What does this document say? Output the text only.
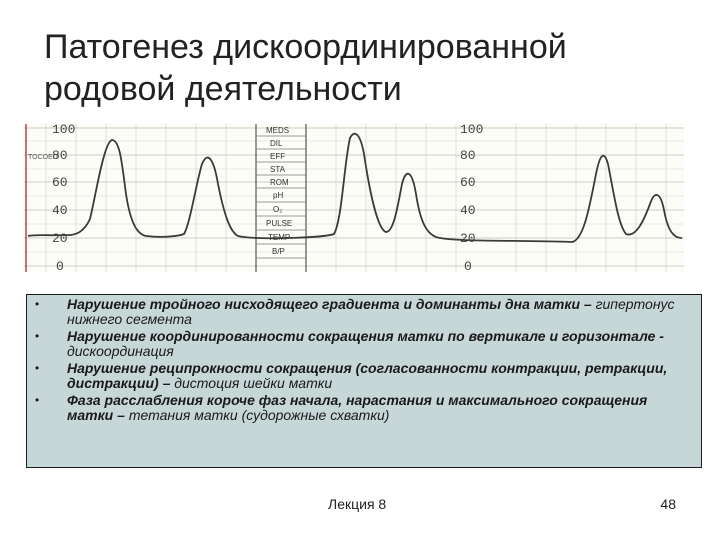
Патогенез дискоординированной
родовой деятельности
100
80
60
40
20
0
TOCOEIT
MEDS
DIL
EFF
STA
ROM
pH
O₂
PULSE
TEMP
B/P
100
80
60
40
20
0
• Нарушение тройного нисходящего градиента и доминанты дна матки – гипертонус нижнего сегмента
• Нарушение координированности сокращения матки по вертикале и горизонтале - дискоординация
• Нарушение реципрокности сокращения (согласованности контракции, ретракции, дистракции) – дистоция шейки матки
• Фаза расслабления короче фаз начала, нарастания и максимального сокращения матки – тетания матки (судорожные схватки)
Лекция 8	48
